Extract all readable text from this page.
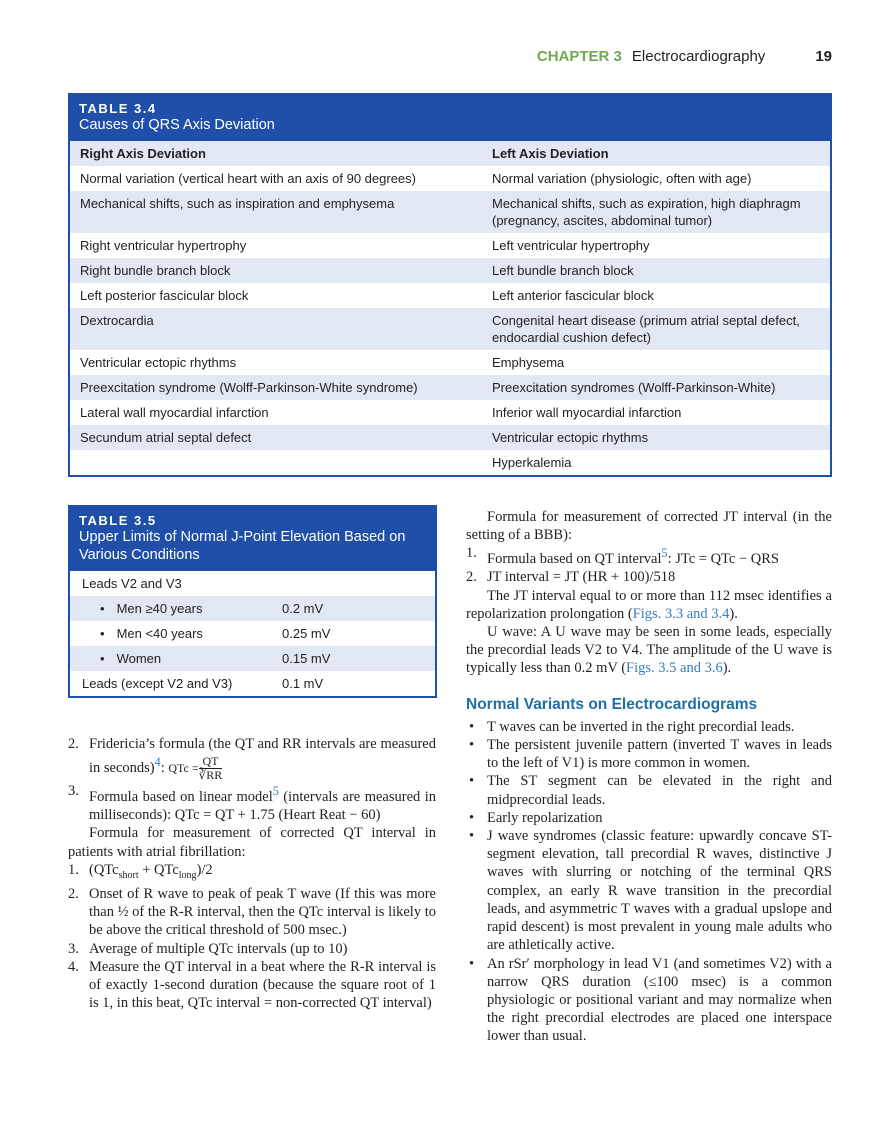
CHAPTER 3 Electrocardiography	19
TABLE 3.4
Causes of QRS Axis Deviation
Right Axis Deviation	Left Axis Deviation
Normal variation (vertical heart with an axis of 90 degrees)	Normal variation (physiologic, often with age)
Mechanical shifts, such as inspiration and emphysema	Mechanical shifts, such as expiration, high diaphragm (pregnancy, ascites, abdominal tumor)
Right ventricular hypertrophy	Left ventricular hypertrophy
Right bundle branch block	Left bundle branch block
Left posterior fascicular block	Left anterior fascicular block
Dextrocardia	Congenital heart disease (primum atrial septal defect, endocardial cushion defect)
Ventricular ectopic rhythms	Emphysema
Preexcitation syndrome (Wolff-Parkinson-White syndrome)	Preexcitation syndromes (Wolff-Parkinson-White)
Lateral wall myocardial infarction	Inferior wall myocardial infarction
Secundum atrial septal defect	Ventricular ectopic rhythms
	Hyperkalemia
TABLE 3.5
Upper Limits of Normal J-Point Elevation Based on Various Conditions
Leads V2 and V3	
• Men ≥40 years	0.2 mV
• Men <40 years	0.25 mV
• Women	0.15 mV
Leads (except V2 and V3)	0.1 mV
2. Fridericia’s formula (the QT and RR intervals are measured in seconds)$^4$: QTc = $\frac{QT}{∛RR}$
3. Formula based on linear model$^5$ (intervals are measured in milliseconds): QTc = QT + 1.75 (Heart Reat − 60)

Formula for measurement of corrected QT interval in patients with atrial fibrillation:

1. (QTc$_{short}$ + QTc$_{long}$)/2
2. Onset of R wave to peak of peak T wave (If this was more than ½ of the R-R interval, then the QTc interval is likely to be above the critical threshold of 500 msec.)
3. Average of multiple QTc intervals (up to 10)
4. Measure the QT interval in a beat where the R-R interval is of exactly 1-second duration (because the square root of 1 is 1, in this beat, QTc interval = non-corrected QT interval)

Formula for measurement of corrected JT interval (in the setting of a BBB):

1. Formula based on QT interval$^5$: JTc = QTc − QRS
2. JT interval = JT (HR + 100)/518

The JT interval equal to or more than 112 msec identifies a repolarization prolongation (Figs. 3.3 and 3.4).

U wave: A U wave may be seen in some leads, especially the precordial leads V2 to V4. The amplitude of the U wave is typically less than 0.2 mV (Figs. 3.5 and 3.6).

Normal Variants on Electrocardiograms

• T waves can be inverted in the right precordial leads.
• The persistent juvenile pattern (inverted T waves in leads to the left of V1) is more common in women.
• The ST segment can be elevated in the right and midprecordial leads.
• Early repolarization
• J wave syndromes (classic feature: upwardly concave ST-segment elevation, tall precordial R waves, distinctive J waves with slurring or notching of the terminal QRS complex, an early R wave transition in the precordial leads, and asymmetric T waves with a gradual upslope and rapid descent) is most prevalent in young male adults who are athletically active.
• An rSr′ morphology in lead V1 (and sometimes V2) with a narrow QRS duration (≤100 msec) is a common physiologic or positional variant and may normalize when the right precordial electrodes are placed one interspace lower than usual.
